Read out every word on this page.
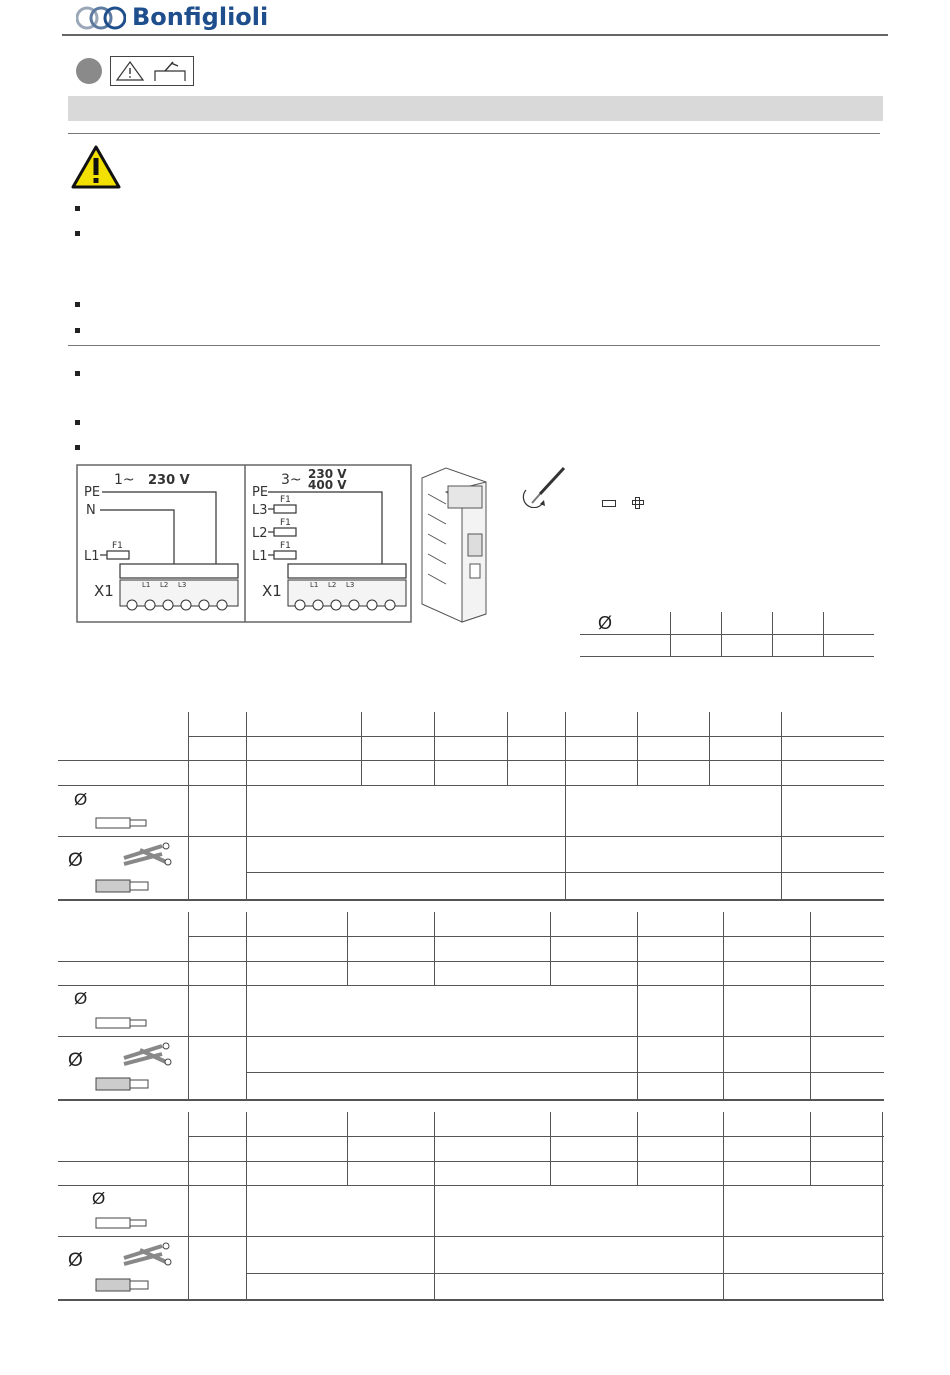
Bonfiglioli
1~ 230 V
PE
N
L1
F1
X1	L1 L2 L3
3~ 230 V
400 V
PE
L3
L2
L1
F1
F1
F1
X1	L1 L2 L3
Ø
Ø
Ø
Ø
Ø
Ø
Ø
